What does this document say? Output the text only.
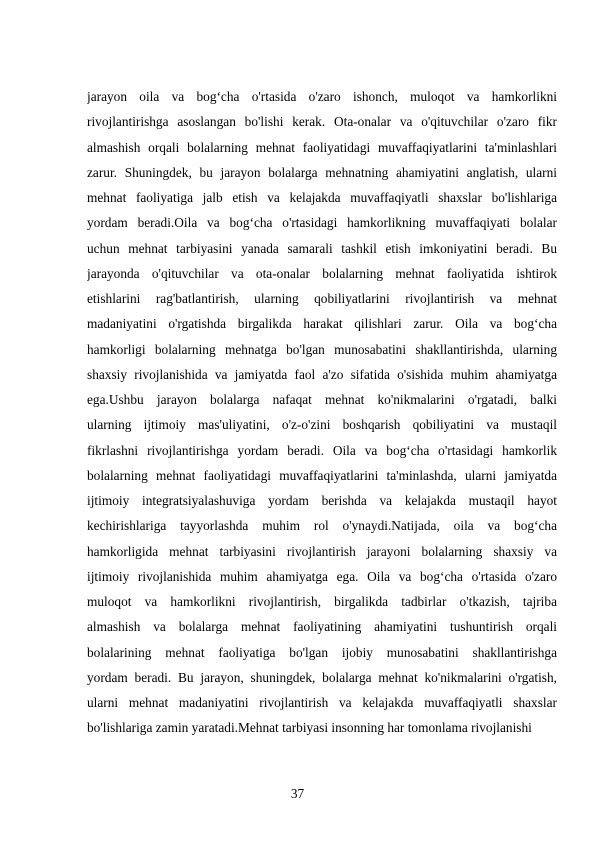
jarayon oila va bog‘cha o'rtasida o'zaro ishonch, muloqot va hamkorlikni
rivojlantirishga asoslangan bo'lishi kerak. Ota-onalar va o'qituvchilar o'zaro fikr
almashish orqali bolalarning mehnat faoliyatidagi muvaffaqiyatlarini ta'minlashlari
zarur. Shuningdek, bu jarayon bolalarga mehnatning ahamiyatini anglatish, ularni
mehnat faoliyatiga jalb etish va kelajakda muvaffaqiyatli shaxslar bo'lishlariga
yordam beradi.Oila va bog‘cha o'rtasidagi hamkorlikning muvaffaqiyati bolalar
uchun mehnat tarbiyasini yanada samarali tashkil etish imkoniyatini beradi. Bu
jarayonda o'qituvchilar va ota-onalar bolalarning mehnat faoliyatida ishtirok
etishlarini rag'batlantirish, ularning qobiliyatlarini rivojlantirish va mehnat
madaniyatini o'rgatishda birgalikda harakat qilishlari zarur. Oila va bog‘cha
hamkorligi bolalarning mehnatga bo'lgan munosabatini shakllantirishda, ularning
shaxsiy rivojlanishida va jamiyatda faol a'zo sifatida o'sishida muhim ahamiyatga
ega.Ushbu jarayon bolalarga nafaqat mehnat ko'nikmalarini o'rgatadi, balki
ularning ijtimoiy mas'uliyatini, o'z-o'zini boshqarish qobiliyatini va mustaqil
fikrlashni rivojlantirishga yordam beradi. Oila va bog‘cha o'rtasidagi hamkorlik
bolalarning mehnat faoliyatidagi muvaffaqiyatlarini ta'minlashda, ularni jamiyatda
ijtimoiy integratsiyalashuviga yordam berishda va kelajakda mustaqil hayot
kechirishlariga tayyorlashda muhim rol o'ynaydi.Natijada, oila va bog‘cha
hamkorligida mehnat tarbiyasini rivojlantirish jarayoni bolalarning shaxsiy va
ijtimoiy rivojlanishida muhim ahamiyatga ega. Oila va bog‘cha o'rtasida o'zaro
muloqot va hamkorlikni rivojlantirish, birgalikda tadbirlar o'tkazish, tajriba
almashish va bolalarga mehnat faoliyatining ahamiyatini tushuntirish orqali
bolalarining mehnat faoliyatiga bo'lgan ijobiy munosabatini shakllantirishga
yordam beradi. Bu jarayon, shuningdek, bolalarga mehnat ko'nikmalarini o'rgatish,
ularni mehnat madaniyatini rivojlantirish va kelajakda muvaffaqiyatli shaxslar
bo'lishlariga zamin yaratadi.Mehnat tarbiyasi insonning har tomonlama rivojlanishi
37
